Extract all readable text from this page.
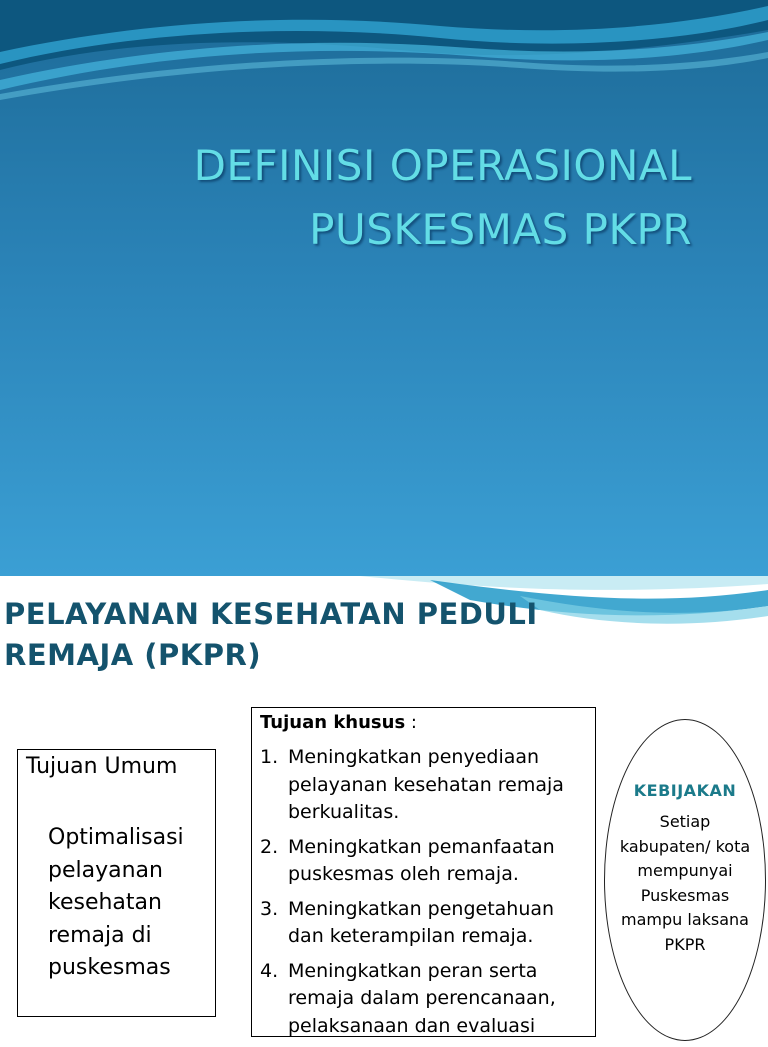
DEFINISI OPERASIONAL
PUSKESMAS PKPR
PELAYANAN KESEHATAN PEDULI
REMAJA (PKPR)
Tujuan Umum
Optimalisasi pelayanan kesehatan remaja di puskesmas
Tujuan khusus :
1. Meningkatkan penyediaan pelayanan kesehatan remaja berkualitas.
2. Meningkatkan pemanfaatan puskesmas oleh remaja.
3. Meningkatkan pengetahuan dan keterampilan remaja.
4. Meningkatkan peran serta remaja dalam perencanaan, pelaksanaan dan evaluasi
KEBIJAKAN
Setiap kabupaten/ kota mempunyai Puskesmas mampu laksana PKPR
